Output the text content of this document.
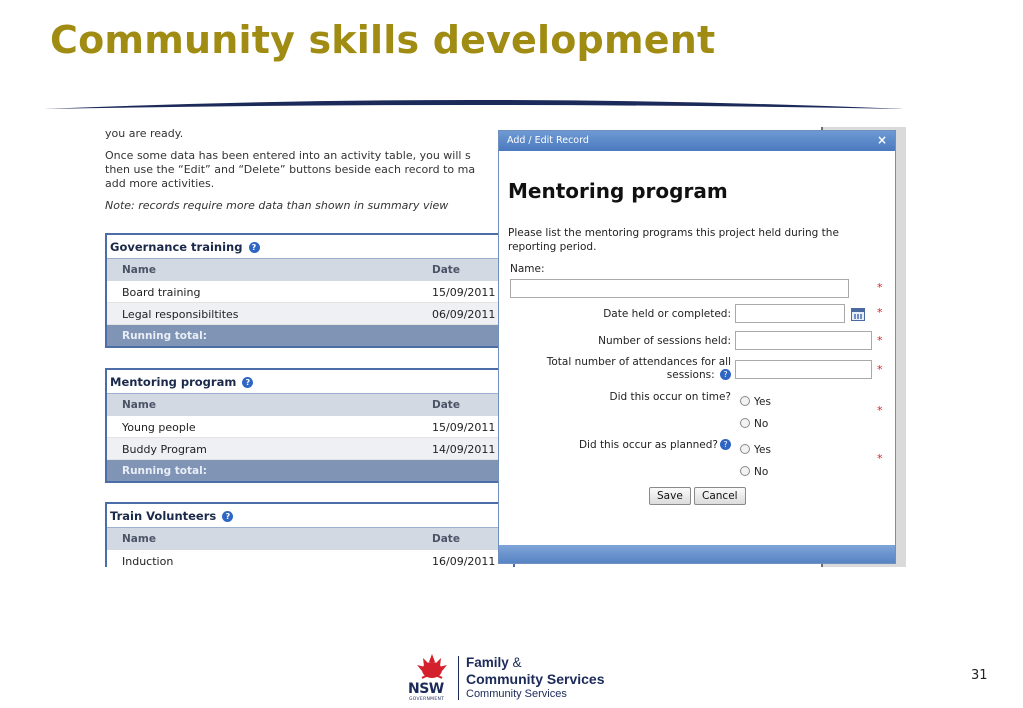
Community skills development
you are ready.
Once some data has been entered into an activity table, you will s
then use the “Edit” and “Delete” buttons beside each record to ma
add more activities.
Note: records require more data than shown in summary view
Governance training ?
Name	Date
Board training	15/09/2011
Legal responsibiltites	06/09/2011
Running total:
Mentoring program ?
Name	Date
Young people	15/09/2011
Buddy Program	14/09/2011
Running total:
Train Volunteers ?
Name	Date
Induction	16/09/2011
Add / Edit Record	×
Mentoring program
Please list the mentoring programs this project held during the reporting period.
Name:
*
Date held or completed:	*
Number of sessions held:	*
Total number of attendances for all
sessions: ?	*
Did this occur on time?	Yes
No
*
Did this occur as planned? ?	Yes
No
*
Save	Cancel
NSW
GOVERNMENT
Family &
Community Services
Community Services
31
